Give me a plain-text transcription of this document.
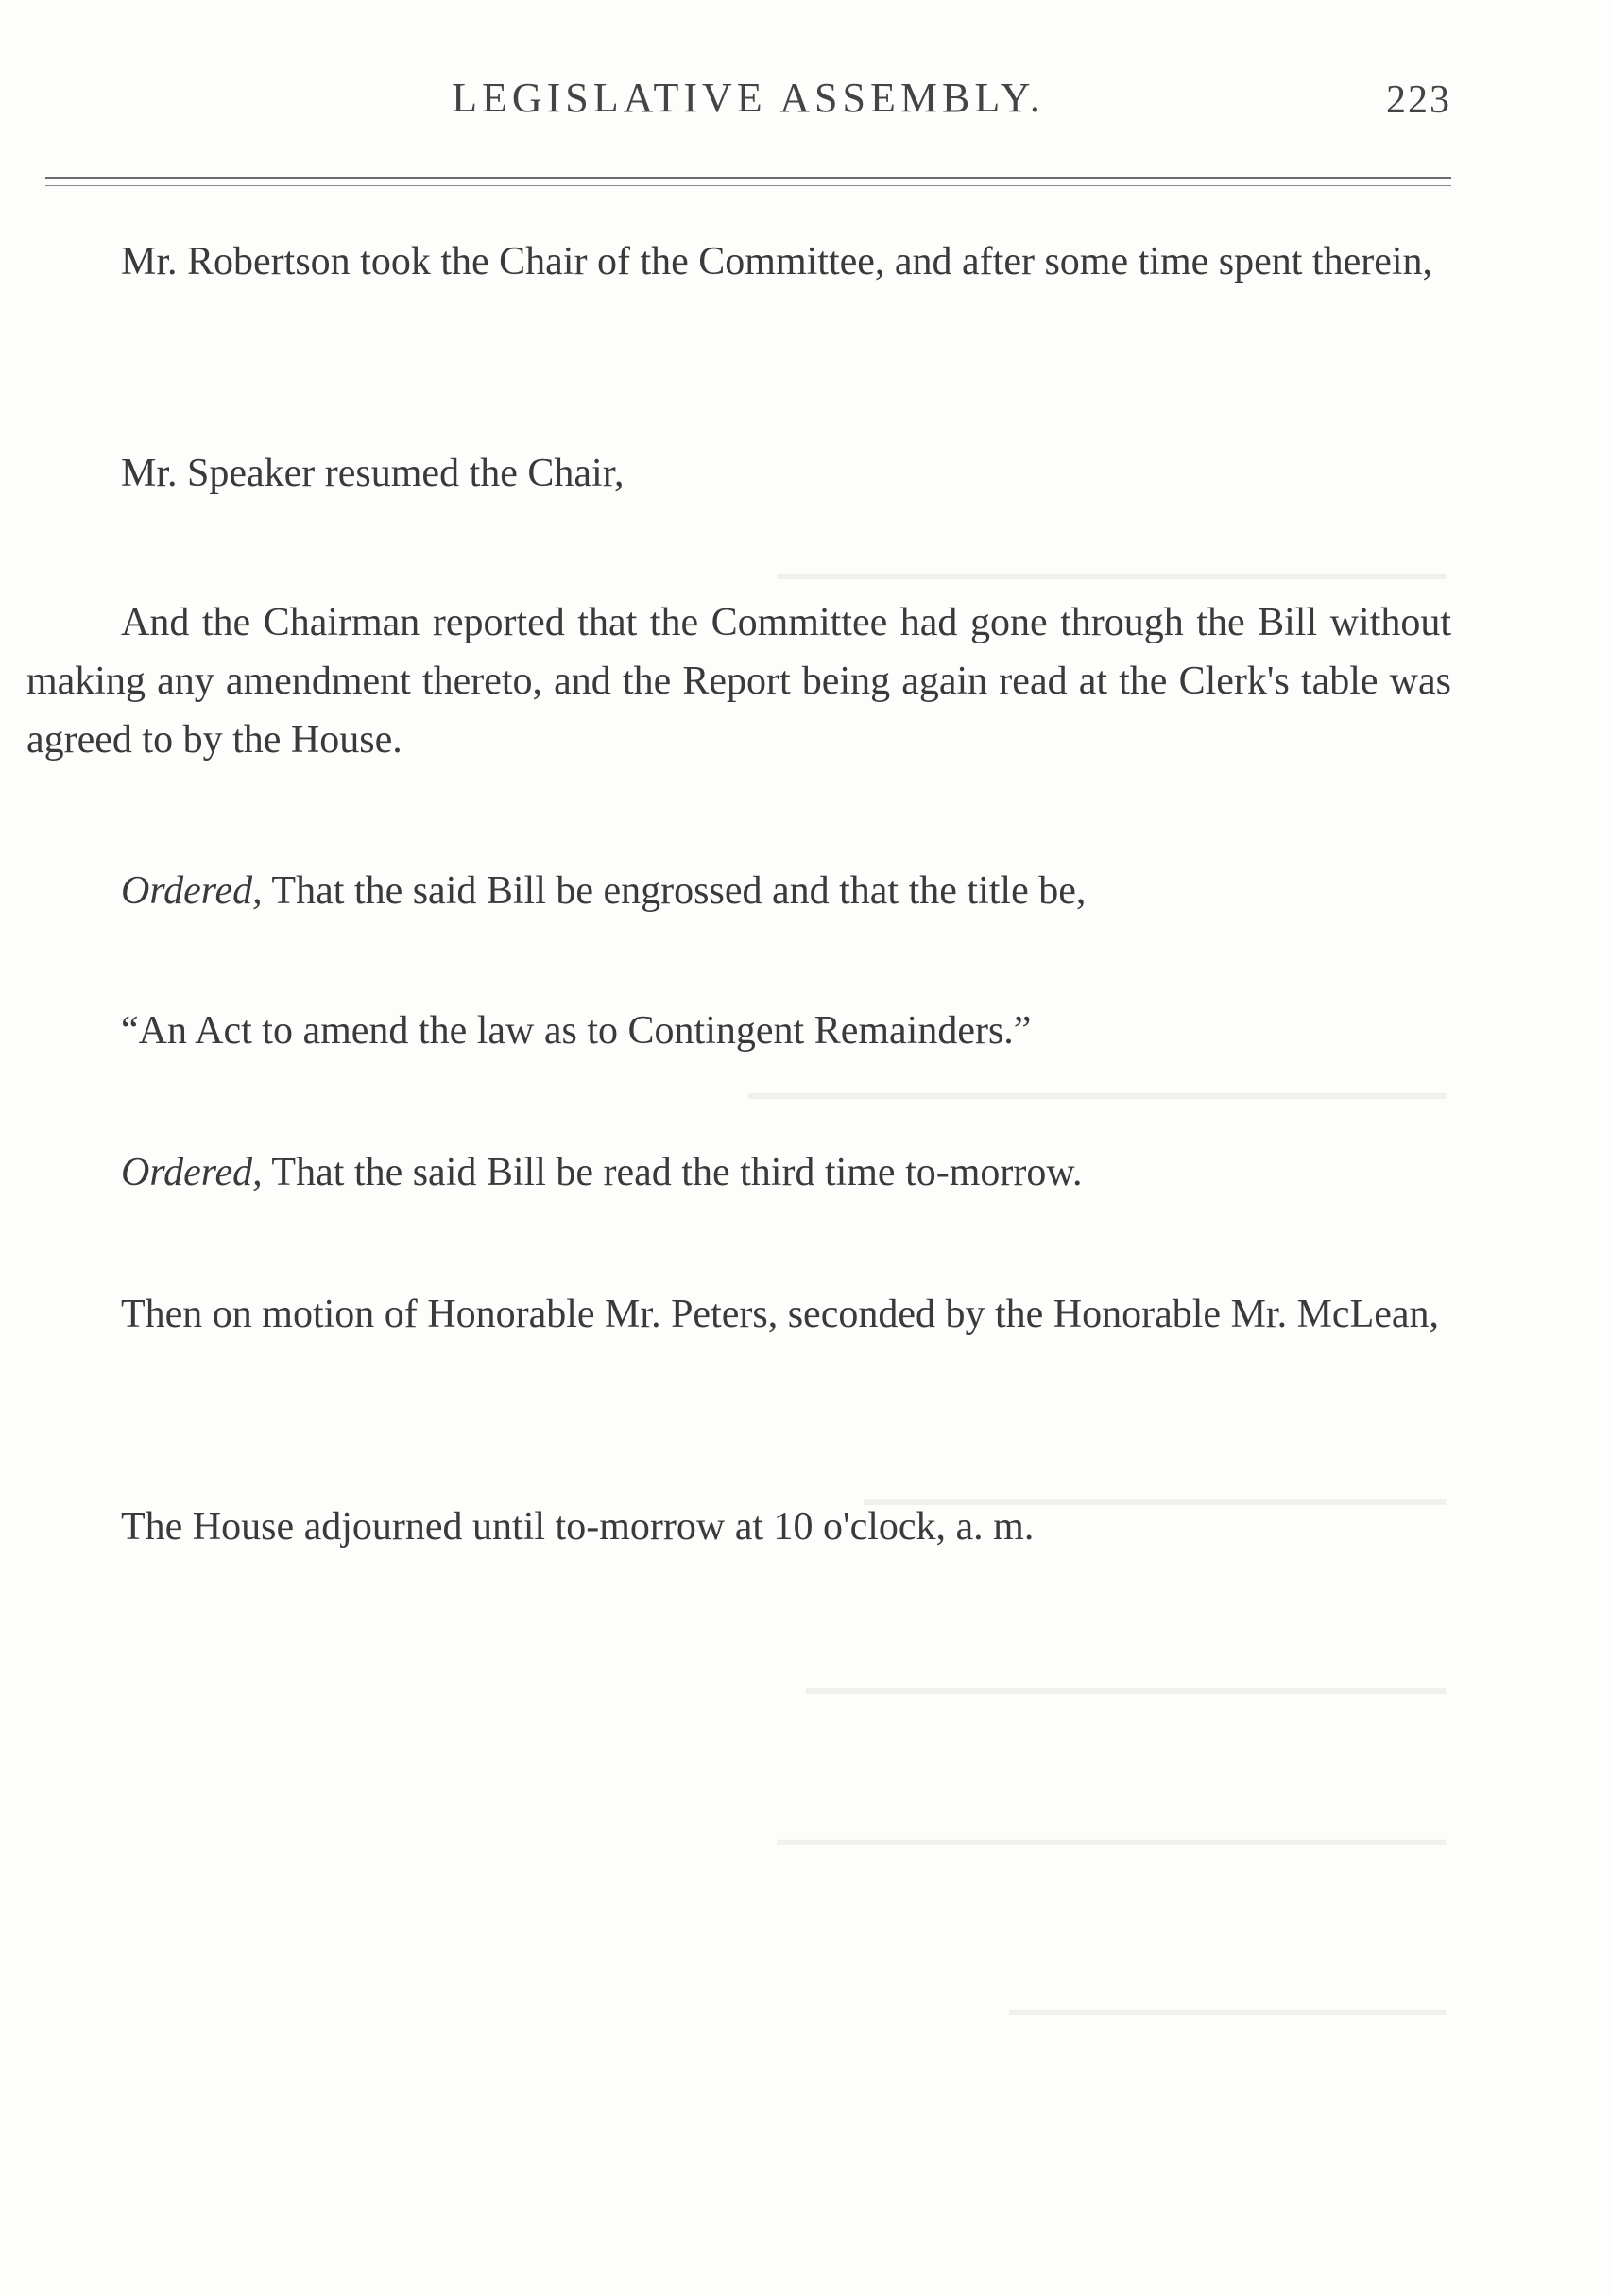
▁▁▁▁▁▁▁▁▁▁▁▁▁▁▁▁▁▁▁▁▁▁▁
▁▁▁▁▁▁▁▁▁▁▁▁▁▁▁▁▁▁▁▁▁▁▁▁
▁▁▁▁▁▁▁▁▁▁▁▁▁▁▁▁▁▁▁▁
▁▁▁▁▁▁▁▁▁▁▁▁▁▁▁▁▁▁▁▁▁▁
▁▁▁▁▁▁▁▁▁▁▁▁▁▁▁▁▁▁▁▁▁▁▁
▁▁▁▁▁▁▁▁▁▁▁▁▁▁▁
LEGISLATIVE ASSEMBLY.	223
Mr. Robertson took the Chair of the Committee, and after some time spent therein,
Mr. Speaker resumed the Chair,
And the Chairman reported that the Committee had gone through the Bill without making any amendment thereto, and the Report being again read at the Clerk's table was agreed to by the House.
Ordered, That the said Bill be engrossed and that the title be,
“An Act to amend the law as to Contingent Remainders.”
Ordered, That the said Bill be read the third time to-morrow.
Then on motion of Honorable Mr. Peters, seconded by the Honorable Mr. McLean,
The House adjourned until to-morrow at 10 o'clock, a. m.
